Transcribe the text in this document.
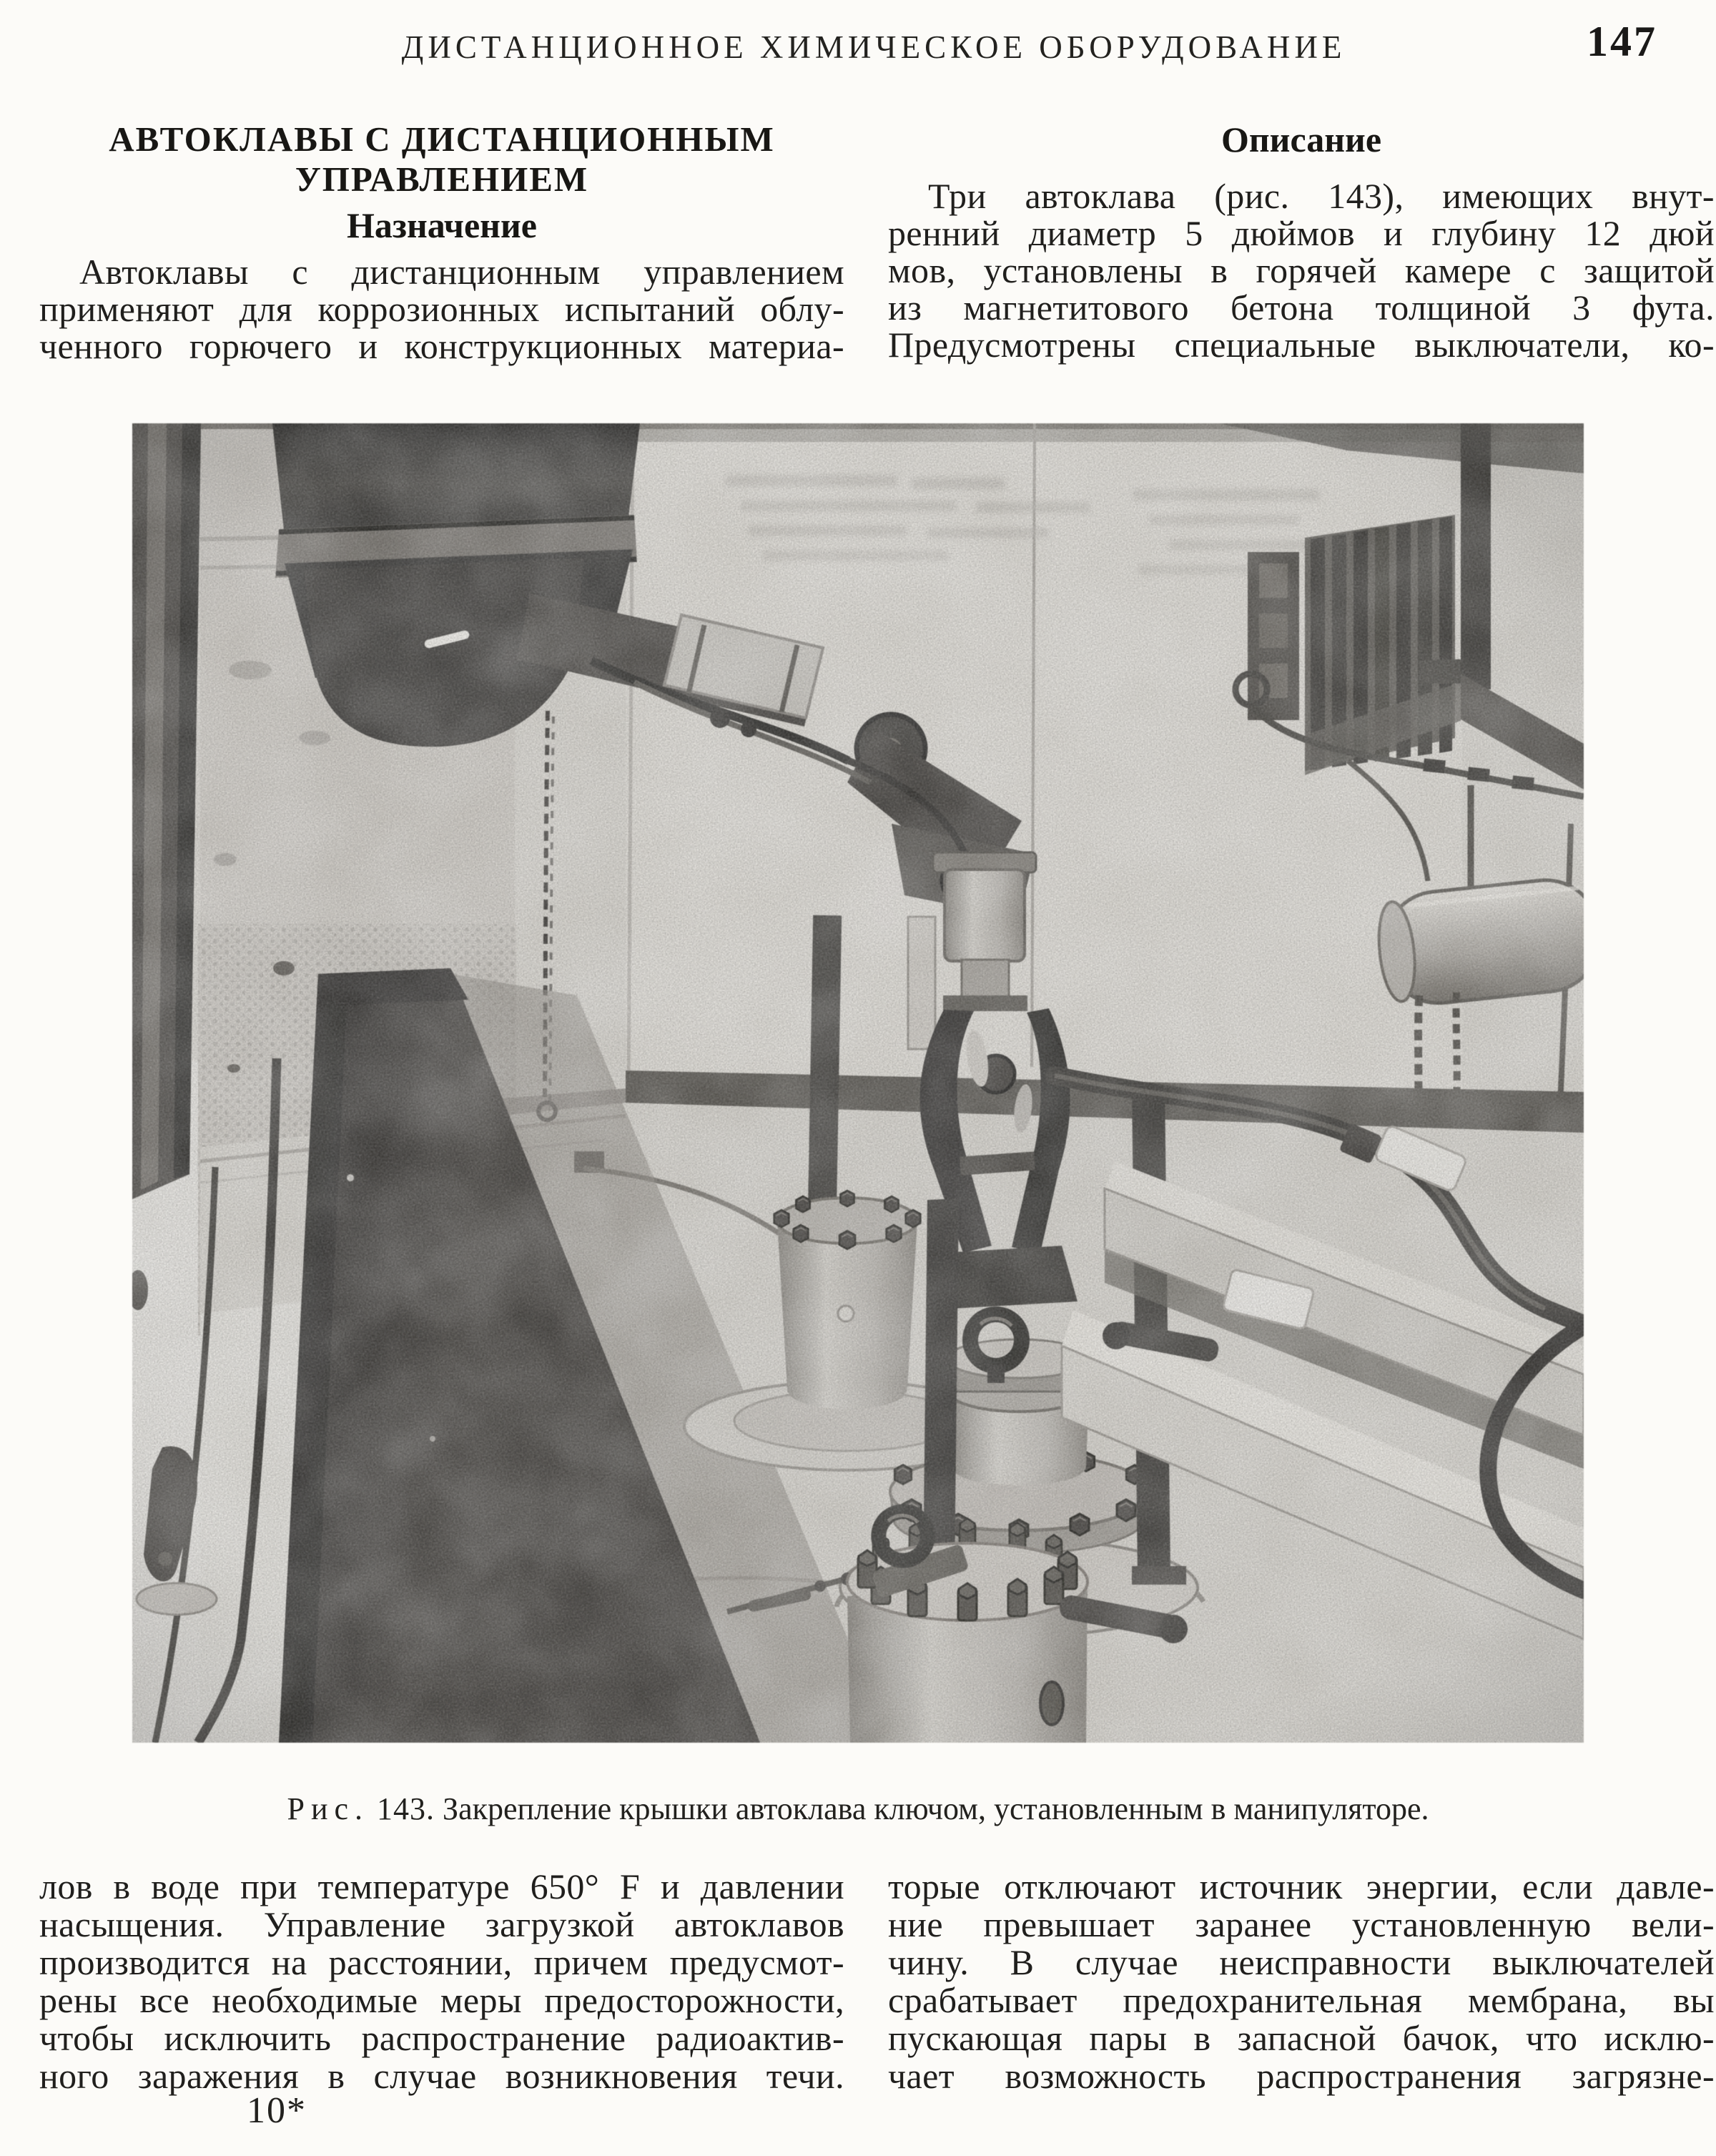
ДИСТАНЦИОННОЕ ХИМИЧЕСКОЕ ОБОРУДОВАНИЕ	147
АВТОКЛАВЫ С ДИСТАНЦИОННЫМ
УПРАВЛЕНИЕМ
Назначение
Автоклавы с дистанционным управлением
применяют для коррозионных испытаний облу-
ченного горючего и конструкционных материа-
Описание
Три автоклава (рис. 143), имеющих внут-
ренний диаметр 5 дюймов и глубину 12 дюй
мов, установлены в горячей камере с защитой
из магнетитового бетона толщиной 3 фута.
Предусмотрены специальные выключатели, ко-
Рис. 143. Закрепление крышки автоклава ключом, установленным в манипуляторе.
лов в воде при температуре 650° F и давлении
насыщения. Управление загрузкой автоклавов
производится на расстоянии, причем предусмот-
рены все необходимые меры предосторожности,
чтобы исключить распространение радиоактив-
ного заражения в случае возникновения течи.
торые отключают источник энергии, если давле-
ние превышает заранее установленную вели-
чину. В случае неисправности выключателей
срабатывает предохранительная мембрана, вы
пускающая пары в запасной бачок, что исклю-
чает возможность распространения загрязне-
10*
